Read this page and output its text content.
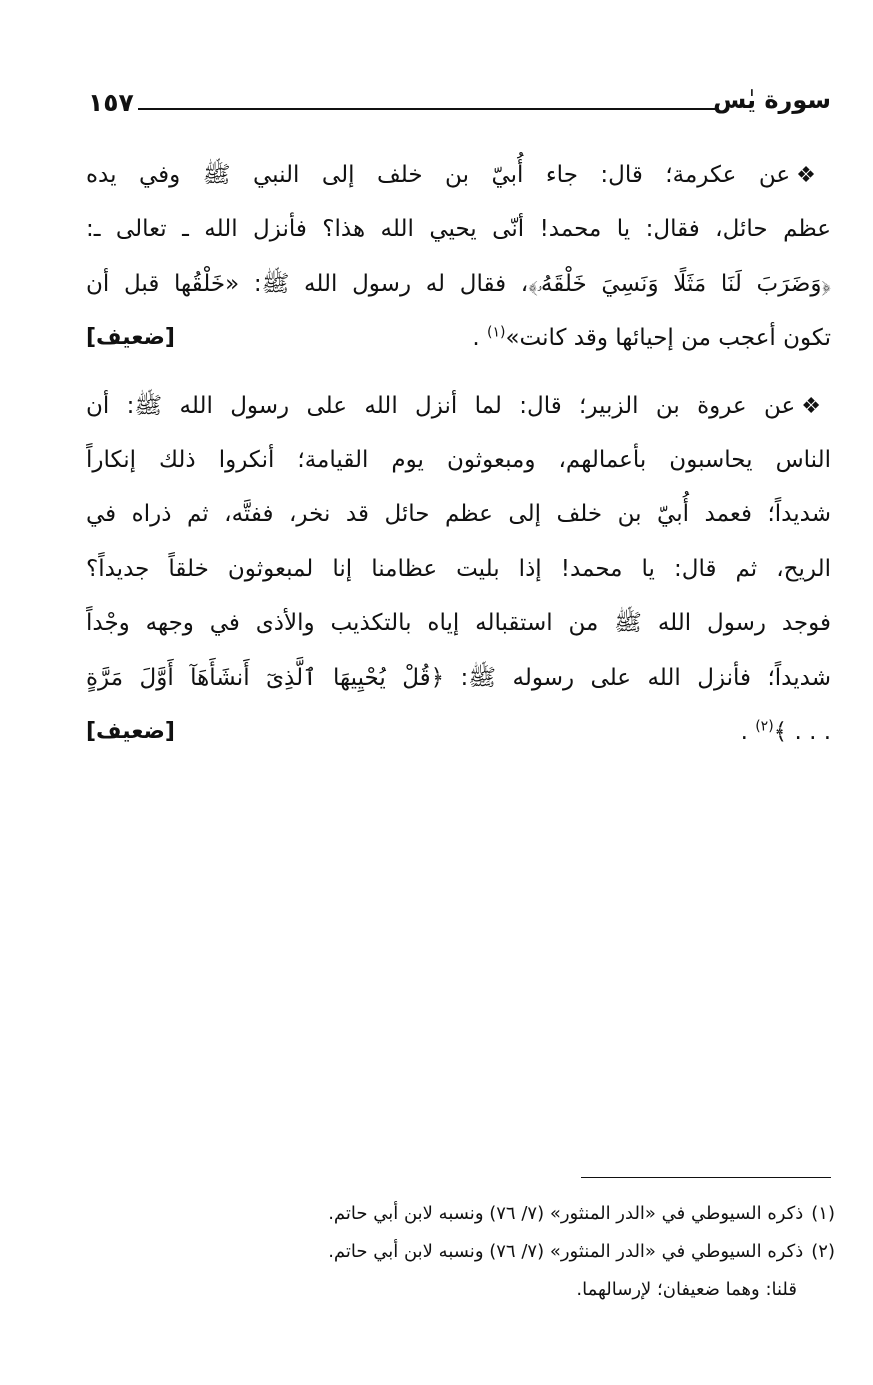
١٥٧	سورة يٰس
❖عن عكرمة؛ قال: جاء أُبيّ بن خلف إلى النبي ﷺ وفي يده
عظم حائل، فقال: يا محمد! أنّى يحيي الله هذا؟ فأنزل الله ـ تعالى ـ:
﴿وَضَرَبَ لَنَا مَثَلًا وَنَسِيَ خَلْقَهُۥ﴾، فقال له رسول الله ﷺ: «خَلْقُها قبل أن
تكون أعجب من إحيائها وقد كانت»$^{(١)}$ .
[ضعيف]
❖عن عروة بن الزبير؛ قال: لما أنزل الله على رسول الله ﷺ: أن
الناس يحاسبون بأعمالهم، ومبعوثون يوم القيامة؛ أنكروا ذلك إنكاراً
شديداً؛ فعمد أُبيّ بن خلف إلى عظم حائل قد نخر، ففتَّه، ثم ذراه في
الريح، ثم قال: يا محمد! إذا بليت عظامنا إنا لمبعوثون خلقاً جديداً؟
فوجد رسول الله ﷺ من استقباله إياه بالتكذيب والأذى في وجهه وجْداً
شديداً؛ فأنزل الله على رسوله ﷺ: ﴿قُلْ يُحْيِيهَا ٱلَّذِىٓ أَنشَأَهَآ أَوَّلَ مَرَّةٍ
. . . ﴾$^{(٢)}$ .
[ضعيف]
(١)ذكره السيوطي في «الدر المنثور» (٧/ ٧٦) ونسبه لابن أبي حاتم.
(٢)ذكره السيوطي في «الدر المنثور» (٧/ ٧٦) ونسبه لابن أبي حاتم.
قلنا: وهما ضعيفان؛ لإرسالهما.
